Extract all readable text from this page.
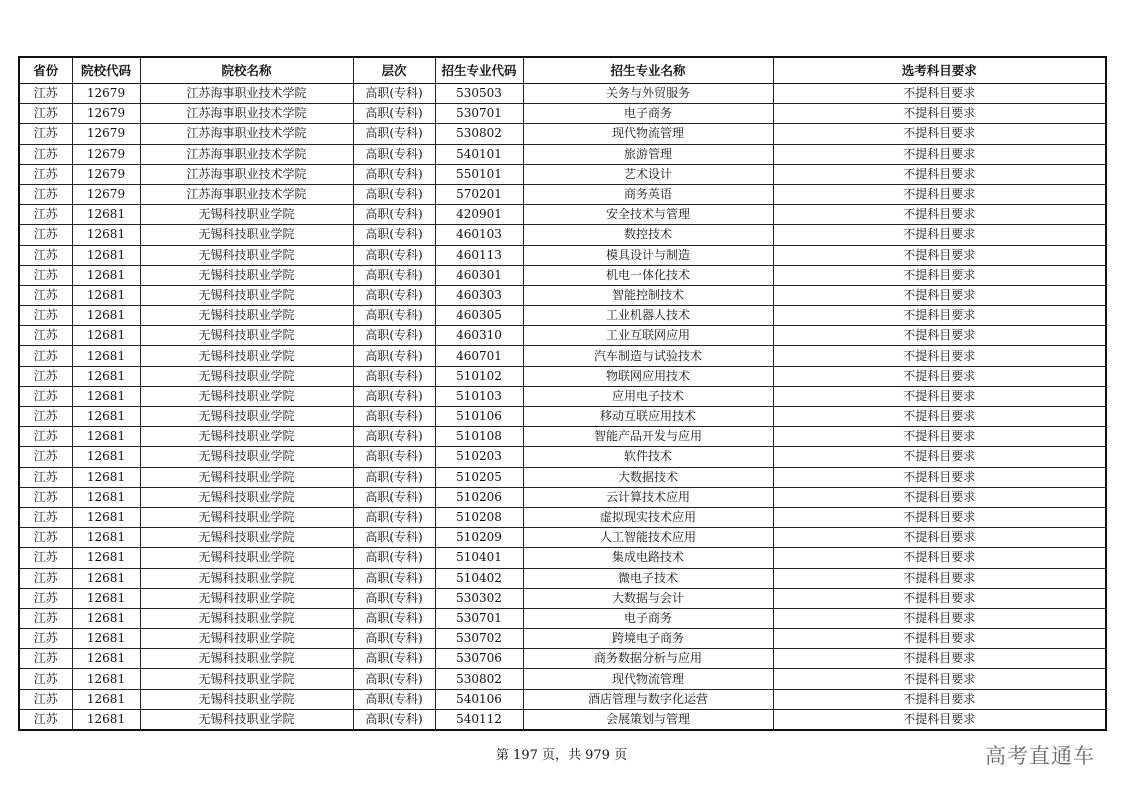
省份	院校代码	院校名称	层次	招生专业代码	招生专业名称	选考科目要求
江苏	12679	江苏海事职业技术学院	高职(专科)	530503	关务与外贸服务	不提科目要求
江苏	12679	江苏海事职业技术学院	高职(专科)	530701	电子商务	不提科目要求
江苏	12679	江苏海事职业技术学院	高职(专科)	530802	现代物流管理	不提科目要求
江苏	12679	江苏海事职业技术学院	高职(专科)	540101	旅游管理	不提科目要求
江苏	12679	江苏海事职业技术学院	高职(专科)	550101	艺术设计	不提科目要求
江苏	12679	江苏海事职业技术学院	高职(专科)	570201	商务英语	不提科目要求
江苏	12681	无锡科技职业学院	高职(专科)	420901	安全技术与管理	不提科目要求
江苏	12681	无锡科技职业学院	高职(专科)	460103	数控技术	不提科目要求
江苏	12681	无锡科技职业学院	高职(专科)	460113	模具设计与制造	不提科目要求
江苏	12681	无锡科技职业学院	高职(专科)	460301	机电一体化技术	不提科目要求
江苏	12681	无锡科技职业学院	高职(专科)	460303	智能控制技术	不提科目要求
江苏	12681	无锡科技职业学院	高职(专科)	460305	工业机器人技术	不提科目要求
江苏	12681	无锡科技职业学院	高职(专科)	460310	工业互联网应用	不提科目要求
江苏	12681	无锡科技职业学院	高职(专科)	460701	汽车制造与试验技术	不提科目要求
江苏	12681	无锡科技职业学院	高职(专科)	510102	物联网应用技术	不提科目要求
江苏	12681	无锡科技职业学院	高职(专科)	510103	应用电子技术	不提科目要求
江苏	12681	无锡科技职业学院	高职(专科)	510106	移动互联应用技术	不提科目要求
江苏	12681	无锡科技职业学院	高职(专科)	510108	智能产品开发与应用	不提科目要求
江苏	12681	无锡科技职业学院	高职(专科)	510203	软件技术	不提科目要求
江苏	12681	无锡科技职业学院	高职(专科)	510205	大数据技术	不提科目要求
江苏	12681	无锡科技职业学院	高职(专科)	510206	云计算技术应用	不提科目要求
江苏	12681	无锡科技职业学院	高职(专科)	510208	虚拟现实技术应用	不提科目要求
江苏	12681	无锡科技职业学院	高职(专科)	510209	人工智能技术应用	不提科目要求
江苏	12681	无锡科技职业学院	高职(专科)	510401	集成电路技术	不提科目要求
江苏	12681	无锡科技职业学院	高职(专科)	510402	微电子技术	不提科目要求
江苏	12681	无锡科技职业学院	高职(专科)	530302	大数据与会计	不提科目要求
江苏	12681	无锡科技职业学院	高职(专科)	530701	电子商务	不提科目要求
江苏	12681	无锡科技职业学院	高职(专科)	530702	跨境电子商务	不提科目要求
江苏	12681	无锡科技职业学院	高职(专科)	530706	商务数据分析与应用	不提科目要求
江苏	12681	无锡科技职业学院	高职(专科)	530802	现代物流管理	不提科目要求
江苏	12681	无锡科技职业学院	高职(专科)	540106	酒店管理与数字化运营	不提科目要求
江苏	12681	无锡科技职业学院	高职(专科)	540112	会展策划与管理	不提科目要求
第 197 页，共 979 页	高考直通车
